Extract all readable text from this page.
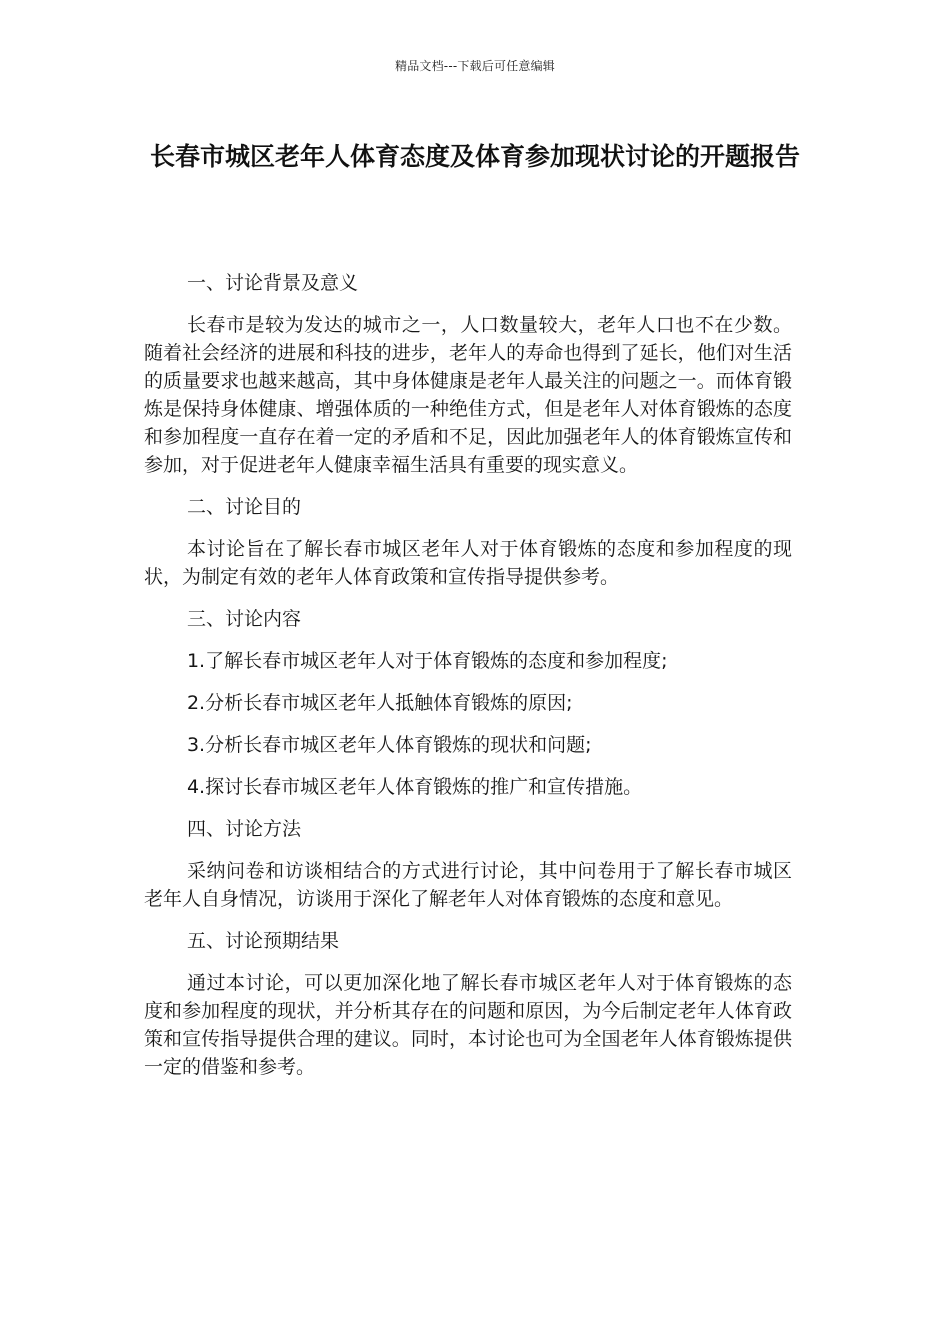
精品文档---下载后可任意编辑
长春市城区老年人体育态度及体育参加现状讨论的开题报告

一、讨论背景及意义

长春市是较为发达的城市之一，人口数量较大，老年人口也不在少数。随着社会经济的进展和科技的进步，老年人的寿命也得到了延长，他们对生活的质量要求也越来越高，其中身体健康是老年人最关注的问题之一。而体育锻炼是保持身体健康、增强体质的一种绝佳方式，但是老年人对体育锻炼的态度和参加程度一直存在着一定的矛盾和不足，因此加强老年人的体育锻炼宣传和参加，对于促进老年人健康幸福生活具有重要的现实意义。

二、讨论目的

本讨论旨在了解长春市城区老年人对于体育锻炼的态度和参加程度的现状，为制定有效的老年人体育政策和宣传指导提供参考。

三、讨论内容

1.了解长春市城区老年人对于体育锻炼的态度和参加程度;

2.分析长春市城区老年人抵触体育锻炼的原因;

3.分析长春市城区老年人体育锻炼的现状和问题;

4.探讨长春市城区老年人体育锻炼的推广和宣传措施。

四、讨论方法

采纳问卷和访谈相结合的方式进行讨论，其中问卷用于了解长春市城区老年人自身情况，访谈用于深化了解老年人对体育锻炼的态度和意见。

五、讨论预期结果

通过本讨论，可以更加深化地了解长春市城区老年人对于体育锻炼的态度和参加程度的现状，并分析其存在的问题和原因，为今后制定老年人体育政策和宣传指导提供合理的建议。同时，本讨论也可为全国老年人体育锻炼提供一定的借鉴和参考。
